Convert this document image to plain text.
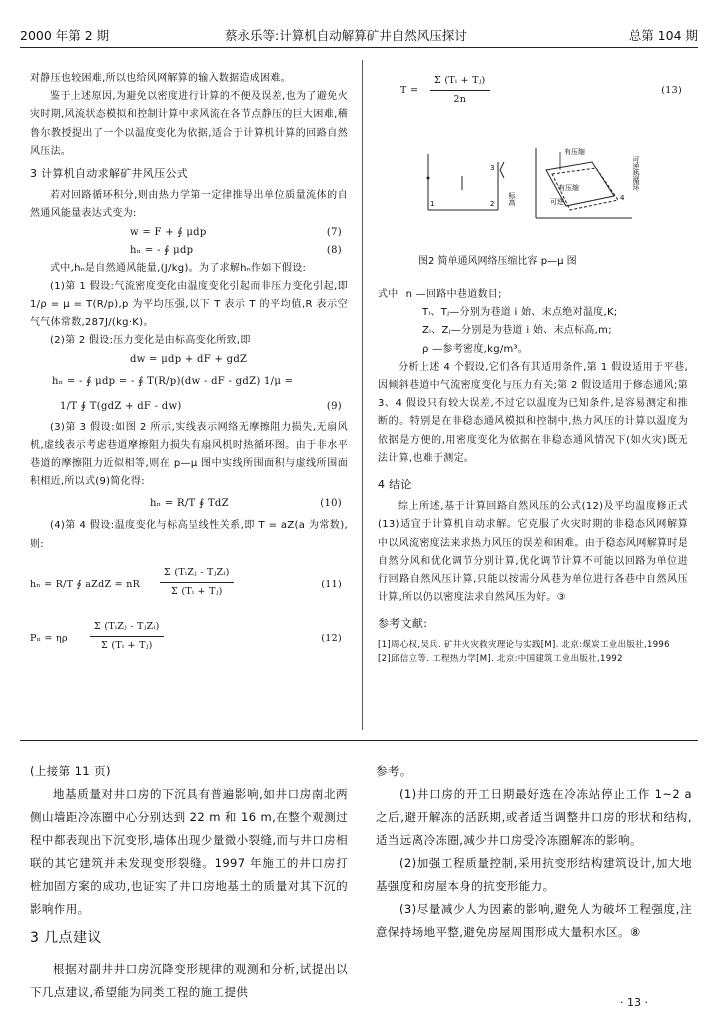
2000 年第 2 期	蔡永乐等:计算机自动解算矿井自然风压探讨	总第 104 期

对静压也较困难,所以也给风网解算的输入数据造成困难。

鉴于上述原因,为避免以密度进行计算的不便及误差,也为了避免火灾时期,风流状态模拟和控制计算中求风流在各节点静压的巨大困难,稽鲁尔教授提出了一个以温度变化为依据,适合于计算机计算的回路自然风压法。

3 计算机自动求解矿井风压公式

若对回路循环积分,则由热力学第一定律推导出单位质量流体的自然通风能量表达式变为:

w = F + ∮ μdp	(7)
hₙ = - ∮ μdp	(8)

式中,hₙ是自然通风能量,(J/kg)。为了求解hₙ作如下假设:

(1)第 1 假设:气流密度变化由温度变化引起而非压力变化引起,即 1/ρ = μ = T(R/p),p 为平均压强,以下 T 表示 T 的平均值,R 表示空气气体常数,287J/(kg·K)。

(2)第 2 假设:压力变化是由标高变化所致,即

dw = μdp + dF + gdZ
hₙ = - ∮ μdp = - ∮ T(R/p)(dw - dF - gdZ) 1/μ =
1/T ∮ T(gdZ + dF - dw)	(9)

(3)第 3 假设:如图 2 所示,实线表示网络无摩擦阻力损失,无扇风机,虚线表示考虑巷道摩擦阻力损失有扇风机时热循环图。由于非水平巷道的摩擦阻力近似相等,则在 p—μ 图中实线所围面积与虚线所围面积相近,所以式(9)简化得:

hₙ = R/T ∮ TdZ	(10)

(4)第 4 假设:温度变化与标高呈线性关系,即 T = aZ(a 为常数),则:

hₙ = R/T ∮ aZdZ = nR
Σ (TᵢZⱼ - TⱼZᵢ)
Σ (Tᵢ + Tⱼ)
(11)
Pₙ = ηρ
Σ (TᵢZⱼ - TⱼZᵢ)
Σ (Tᵢ + Tⱼ)
(12)
$T = \frac{\text{Σ (Tᵢ + Tⱼ)}}{2n}$	(13)
1	2
3
标高
有压缩
有压缩
可逆
可逆热循环
4
图2 简单通风网络压缩比容 p—μ 图

式中 n —回路中巷道数目;

Tᵢ、Tⱼ—分别为巷道 i 始、末点绝对温度,K;

Zᵢ、Zⱼ—分别是为巷道 i 始、末点标高,m;

ρ —参考密度,kg/m³。

分析上述 4 个假设,它们各有其适用条件,第 1 假设适用于平巷,因倾斜巷道中气流密度变化与压力有关;第 2 假设适用于修态通风;第 3、4 假设只有较大误差,不过它以温度为已知条件,是容易测定和推断的。特别是在非稳态通风模拟和控制中,热力风压的计算以温度为依据是方便的,用密度变化为依据在非稳态通风情况下(如火灾)既无法计算,也难于测定。

4 结论

综上所述,基于计算回路自然风压的公式(12)及平均温度修正式(13)适宜于计算机自动求解。它克服了火灾时期的非稳态风网解算中以风流密度法来求热力风压的误差和困难。由于稳态风网解算时是自然分风和优化调节分别计算,优化调节计算不可能以回路为单位进行回路自然风压计算,只能以按需分风巷为单位进行各巷中自然风压计算,所以仍以密度法求自然风压为好。③

参考文献:

[1]周心权,吴兵. 矿井火灾救灾理论与实践[M]. 北京:煤炭工业出版社,1996

[2]邱信立等. 工程热力学[M]. 北京:中国建筑工业出版社,1992

(上接第 11 页)

地基质量对井口房的下沉具有普遍影响,如井口房南北两侧山墙距冷冻圈中心分别达到 22 m 和 16 m,在整个观测过程中都表现出下沉变形,墙体出现少量微小裂缝,而与井口房相联的其它建筑并未发现变形裂缝。1997 年施工的井口房打桩加固方案的成功,也证实了井口房地基土的质量对其下沉的影响作用。

3 几点建议

根据对副井井口房沉降变形规律的观测和分析,试提出以下几点建议,希望能为同类工程的施工提供

参考。

(1)井口房的开工日期最好选在冷冻站停止工作 1~2 a 之后,避开解冻的活跃期,或者适当调整井口房的形状和结构,适当远离冷冻圈,减少井口房受冷冻圈解冻的影响。

(2)加强工程质量控制,采用抗变形结构建筑设计,加大地基强度和房屋本身的抗变形能力。

(3)尽量减少人为因素的影响,避免人为破坏工程强度,注意保持场地平整,避免房屋周围形成大量积水区。⑧

· 13 ·
